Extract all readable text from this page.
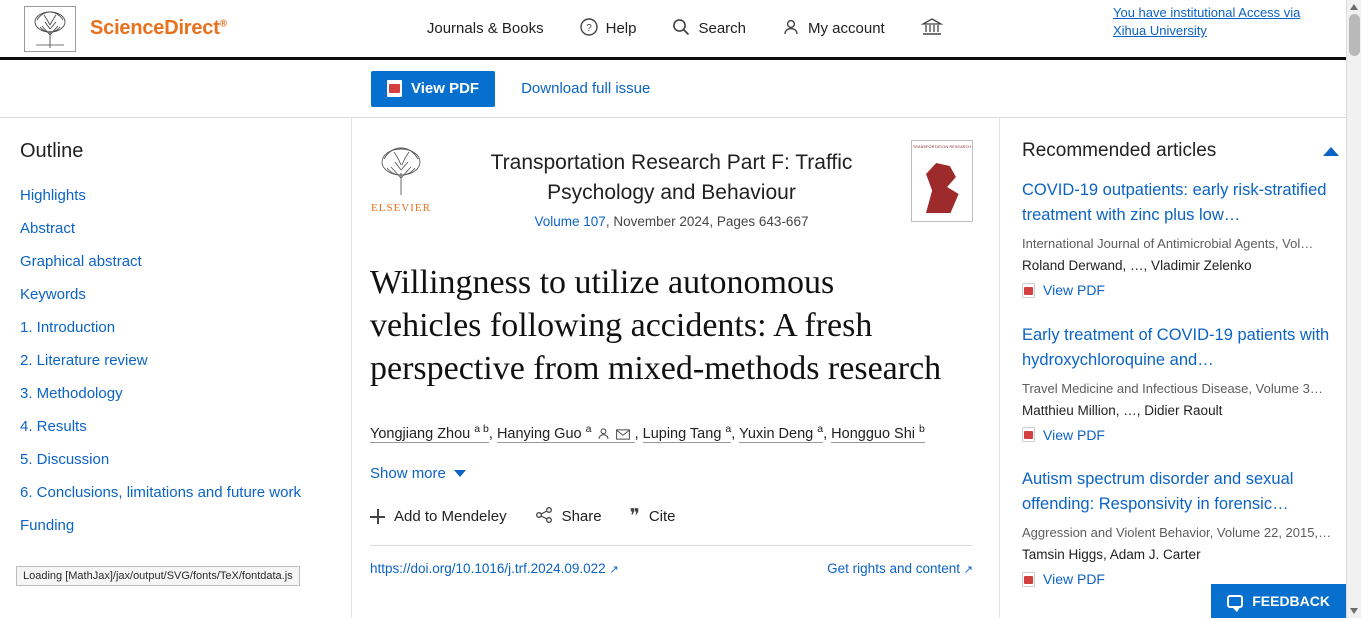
ScienceDirect®	Journals & Books	? Help	Search	My account
You have institutional Access via
Xihua University
View PDF	Download full issue
Outline
Highlights
Abstract
Graphical abstract
Keywords
1. Introduction
2. Literature review
3. Methodology
4. Results
5. Discussion
6. Conclusions, limitations and future work
Funding
Loading [MathJax]/jax/output/SVG/fonts/TeX/fontdata.js
ELSEVIER
Transportation Research Part F: Traffic Psychology and Behaviour
Volume 107, November 2024, Pages 643-667
TRANSPORTATION RESEARCH
Willingness to utilize autonomous vehicles following accidents: A fresh perspective from mixed-methods research
Yongjiang Zhou $^{a b}$, Hanying Guo $^a$	, Luping Tang $^a$, Yuxin Deng $^a$, Hongguo Shi $^b$
Show more
Add to Mendeley	Share ❞ Cite
https://doi.org/10.1016/j.trf.2024.09.022 ↗	Get rights and content ↗
Recommended articles
COVID-19 outpatients: early risk-stratified treatment with zinc plus low…
International Journal of Antimicrobial Agents, Vol…
Roland Derwand, …, Vladimir Zelenko
View PDF
Early treatment of COVID-19 patients with hydroxychloroquine and…
Travel Medicine and Infectious Disease, Volume 3…
Matthieu Million, …, Didier Raoult
View PDF
Autism spectrum disorder and sexual offending: Responsivity in forensic…
Aggression and Violent Behavior, Volume 22, 2015,…
Tamsin Higgs, Adam J. Carter
View PDF
FEEDBACK
